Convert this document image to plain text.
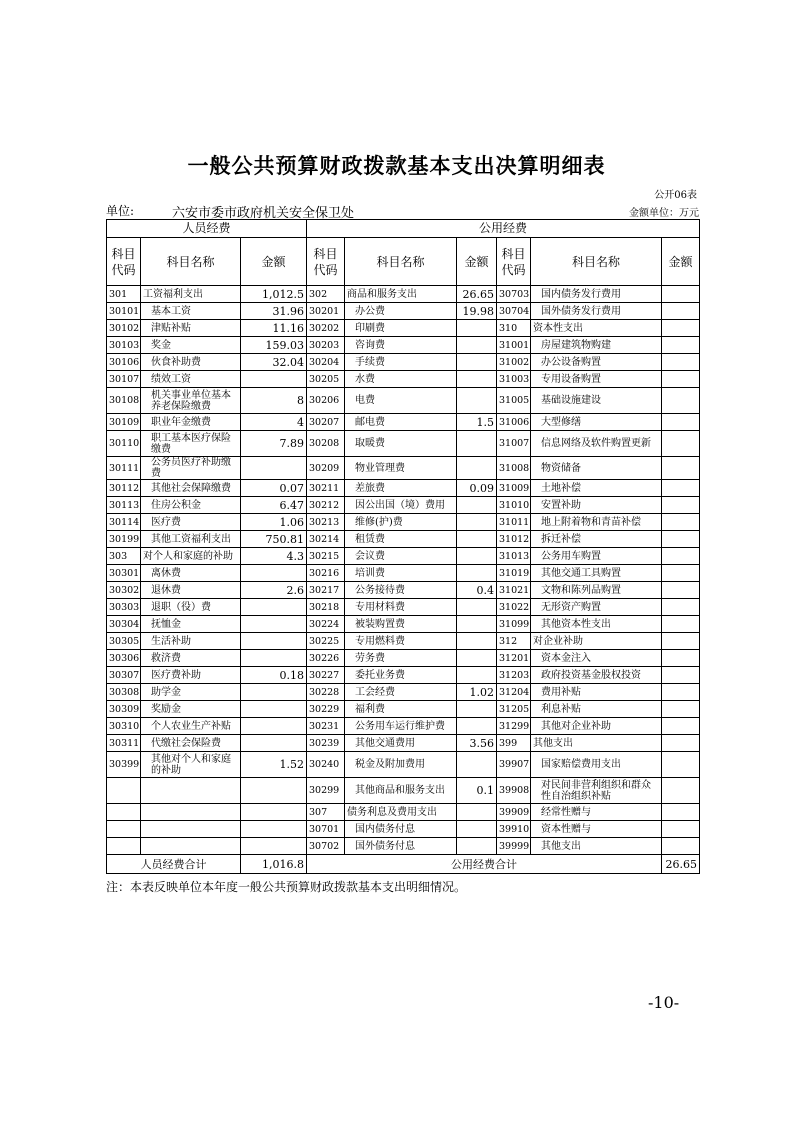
一般公共预算财政拨款基本支出决算明细表
公开06表
单位:	六安市委市政府机关安全保卫处	金额单位：万元
人员经费			公用经费					
科目代码	科目名称	金额	科目代码	科目名称	金额	科目代码	科目名称	金额
301	工资福利支出	1,012.5	302	商品和服务支出	26.65	30703	国内债务发行费用	
30101	基本工资	31.96	30201	办公费	19.98	30704	国外债务发行费用	
30102	津贴补贴	11.16	30202	印刷费		310	资本性支出	
30103	奖金	159.03	30203	咨询费		31001	房屋建筑物购建	
30106	伙食补助费	32.04	30204	手续费		31002	办公设备购置	
30107	绩效工资		30205	水费		31003	专用设备购置	
30108	机关事业单位基本养老保险缴费	8	30206	电费		31005	基础设施建设	
30109	职业年金缴费	4	30207	邮电费	1.5	31006	大型修缮	
30110	职工基本医疗保险缴费	7.89	30208	取暖费		31007	信息网络及软件购置更新	
30111	公务员医疗补助缴费		30209	物业管理费		31008	物资储备	
30112	其他社会保障缴费	0.07	30211	差旅费	0.09	31009	土地补偿	
30113	住房公积金	6.47	30212	因公出国（境）费用		31010	安置补助	
30114	医疗费	1.06	30213	维修(护)费		31011	地上附着物和青苗补偿	
30199	其他工资福利支出	750.81	30214	租赁费		31012	拆迁补偿	
303	对个人和家庭的补助	4.3	30215	会议费		31013	公务用车购置	
30301	离休费		30216	培训费		31019	其他交通工具购置	
30302	退休费	2.6	30217	公务接待费	0.4	31021	文物和陈列品购置	
30303	退职（役）费		30218	专用材料费		31022	无形资产购置	
30304	抚恤金		30224	被装购置费		31099	其他资本性支出	
30305	生活补助		30225	专用燃料费		312	对企业补助	
30306	救济费		30226	劳务费		31201	资本金注入	
30307	医疗费补助	0.18	30227	委托业务费		31203	政府投资基金股权投资	
30308	助学金		30228	工会经费	1.02	31204	费用补贴	
30309	奖励金		30229	福利费		31205	利息补贴	
30310	个人农业生产补贴		30231	公务用车运行维护费		31299	其他对企业补助	
30311	代缴社会保险费		30239	其他交通费用	3.56	399	其他支出	
30399	其他对个人和家庭的补助	1.52	30240	税金及附加费用		39907	国家赔偿费用支出	
			30299	其他商品和服务支出	0.1	39908	对民间非营利组织和群众性自治组织补贴	
			307	债务利息及费用支出		39909	经常性赠与	
			30701	国内债务付息		39910	资本性赠与	
			30702	国外债务付息		39999	其他支出	
人员经费合计		1,016.8	公用经费合计					26.65
注：本表反映单位本年度一般公共预算财政拨款基本支出明细情况。
-10-
